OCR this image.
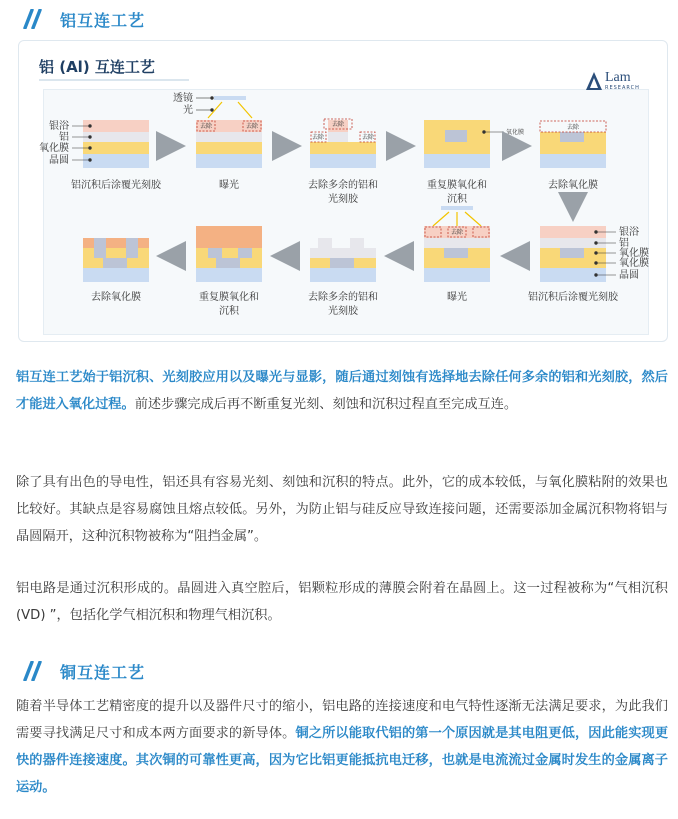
铝互连工艺
铝 (Al) 互连工艺
Lam
RESEARCH
银浴
铝
氧化膜
晶圆
铝沉积后涂覆光刻胶
透镜
光
去除	去除
曝光
去除
去除	去除
去除多余的铝和
光刻胶
氧化膜
重复膜氧化和
沉积
去除
去除氧化膜
银浴
铝
氧化膜
氧化膜
晶圆
铝沉积后涂覆光刻胶
去除
曝光
去除多余的铝和
光刻胶
重复膜氧化和
沉积
去除氧化膜

铝互连工艺始于铝沉积、光刻胶应用以及曝光与显影，随后通过刻蚀有选择地去除任何多余的铝和光刻胶，然后才能进入氧化过程。前述步骤完成后再不断重复光刻、刻蚀和沉积过程直至完成互连。

除了具有出色的导电性，铝还具有容易光刻、刻蚀和沉积的特点。此外，它的成本较低，与氧化膜粘附的效果也比较好。其缺点是容易腐蚀且熔点较低。另外，为防止铝与硅反应导致连接问题，还需要添加金属沉积物将铝与晶圆隔开，这种沉积物被称为“阻挡金属”。

铝电路是通过沉积形成的。晶圆进入真空腔后，铝颗粒形成的薄膜会附着在晶圆上。这一过程被称为“气相沉积 (VD) ”，包括化学气相沉积和物理气相沉积。

铜互连工艺

随着半导体工艺精密度的提升以及器件尺寸的缩小，铝电路的连接速度和电气特性逐渐无法满足要求，为此我们需要寻找满足尺寸和成本两方面要求的新导体。铜之所以能取代铝的第一个原因就是其电阻更低，因此能实现更快的器件连接速度。其次铜的可靠性更高，因为它比铝更能抵抗电迁移，也就是电流流过金属时发生的金属离子运动。
